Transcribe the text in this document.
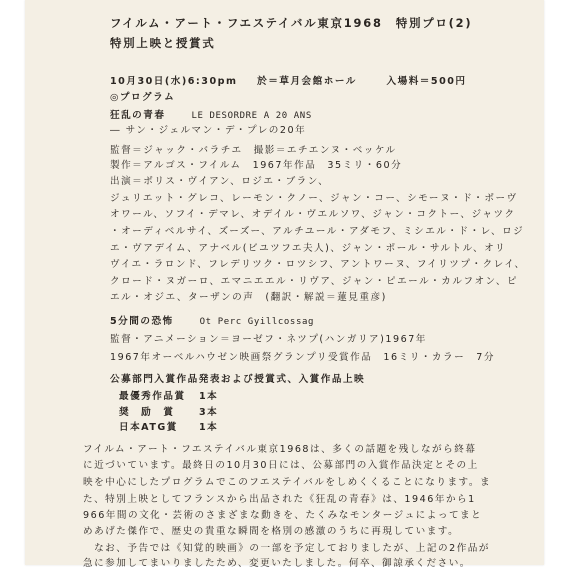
フイルム・アート・フエステイバル東京1968　特別プロ(2)
特別上映と授賞式
10月30日(水)6:30pm 於＝草月会館ホール	入場料＝500円
◎プログラム
狂乱の青春	LE DESORDRE A 20 ANS
― サン・ジェルマン・デ・プレの20年
監督＝ジャック・バラチエ　撮影＝エチエンヌ・ベッケル
製作＝アルゴス・フイルム　1967年作品　35ミリ・60分
出演＝ボリス・ヴイアン、ロジエ・ブラン、
ジュリエット・グレコ、レーモン・クノー、ジャン・コー、シモーヌ・ド・ボーヴ
オワール、ソフイ・デマレ、オデイル・ヴエルソワ、ジャン・コクトー、ジャツク
・オーディベルサイ、ズーズー、アルチユール・アダモフ、ミシエル・ド・レ、ロジ
エ・ヴアデイム、アナベル(ビユツフエ夫人)、ジャン・ポール・サルトル、オリ
ヴイエ・ラロンド、フレデリツク・ロツシフ、アントワーヌ、フイリツプ・クレイ、
クロード・ヌガーロ、エマニエエル・リヴア、ジャン・ピエール・カルフオン、ピ
エル・オジエ、ターザンの声　(翻訳・解説＝蓮見重彦)
5分間の恐怖	Ot Perc Gyillcossag
監督・アニメーション＝ヨーゼフ・ネツプ(ハンガリア)1967年
1967年オーベルハウゼン映画祭グランプリ受賞作品　16ミリ・カラー　7分
公募部門入賞作品発表および授賞式、入賞作品上映
最優秀作品賞 1本
奨　励　賞	3本
日本ATG賞 1本
フイルム・アート・フエステイバル東京1968は、多くの話題を残しながら終幕
に近づいています。最終日の10月30日には、公募部門の入賞作品決定とその上
映を中心にしたプログラムでこのフエステイバルをしめくくることになります。ま
た、特別上映としてフランスから出品された《狂乱の青春》は、1946年から1
966年間の文化・芸術のさまざまな動きを、たくみなモンタージュによってまと
めあげた傑作で、歴史の貴重な瞬間を格別の感激のうちに再現しています。
　なお、予告では《知覚的映画》の一部を予定しておりましたが、上記の2作品が
急に参加してまいりましたため、変更いたしました。何卒、御諒承ください。
